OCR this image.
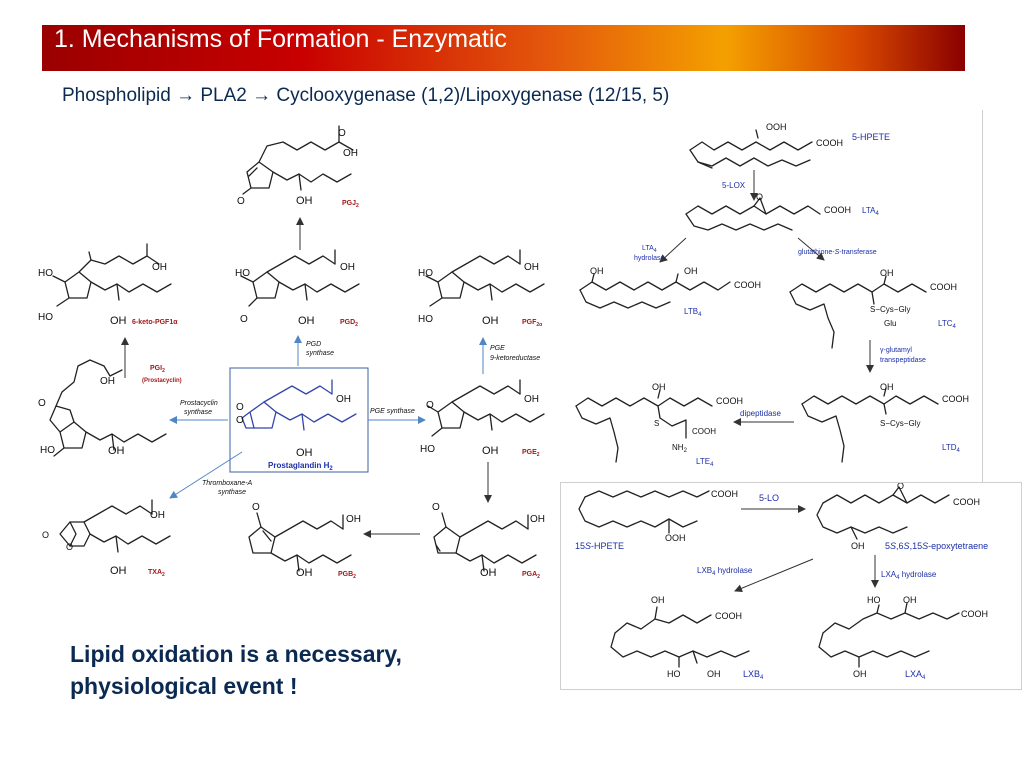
1. Mechanisms of Formation - Enzymatic
Phospholipid → PLA2 → Cyclooxygenase (1,2)/Lipoxygenase (12/15, 5)
O
O
OH
OH	$PGJ_2$
HO
HO
OH
OH 6-keto-PGF1α
HO
O
OH
OH	$PGD_2$
HO
HO
OH
OH	$PGF_{2\alpha}$
PGD
synthase
PGE
9-ketoreductase
O
OH
HO	OH
$PGI_2$
(Prostacyclin)
O
O
OH
OH
Prostaglandin $H_2$
Prostacyclin
synthase	PGE synthase
O
HO
OH
OH	$PGE_2$
Thromboxane-A
synthase
O
O
OH
OH	$TXA_2$
O
OH
OH	$PGB_2$
O
OH
OH	$PGA_2$
OOH
COOH
5-HPETE
5-LOX
O
COOH $LTA_4$
$LTA_4$
hydrolase
glutathione-S-transferase
OH	OH
COOH
$LTB_4$
OH
COOH
S−Cys−Gly
Glu	$LTC_4$
γ-glutamyl
transpeptidase
OH
COOH
S−Cys−Gly
$LTD_4$
dipeptidase
OH
COOH
S
COOH
$NH_2$
$LTE_4$
COOH
OOH
15S-HPETE
5-LO
O
COOH
OH 5S,6S,15S-epoxytetraene
$LXB_4$ hydrolase	$LXA_4$ hydrolase
OH
COOH
HO	OH	$LXB_4$
HO	OH
COOH
OH	$LXA_4$
Lipid oxidation is a necessary,
physiological event !
